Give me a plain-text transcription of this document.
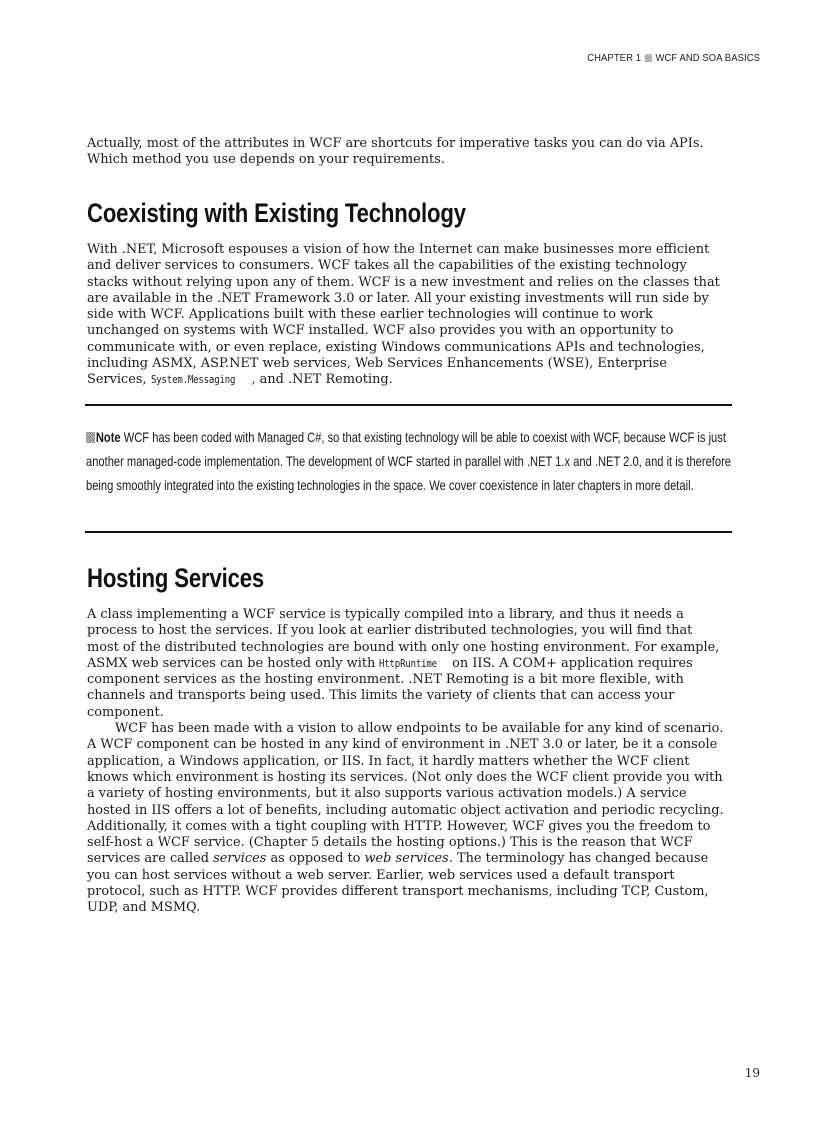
CHAPTER 1 WCF AND SOA BASICS

Actually, most of the attributes in WCF are shortcuts for imperative tasks you can do via APIs. Which method you use depends on your requirements.

Coexisting with Existing Technology

With .NET, Microsoft espouses a vision of how the Internet can make businesses more efficient and deliver services to consumers. WCF takes all the capabilities of the existing technology stacks without relying upon any of them. WCF is a new investment and relies on the classes that are available in the .NET Framework 3.0 or later. All your existing investments will run side by side with WCF. Applications built with these earlier technologies will continue to work unchanged on systems with WCF installed. WCF also provides you with an opportunity to communicate with, or even replace, existing Windows communications APIs and technologies, including ASMX, ASP.NET web services, Web Services Enhancements (WSE), Enterprise Services, System.Messaging , and .NET Remoting.

Note WCF has been coded with Managed C#, so that existing technology will be able to coexist with WCF, because WCF is just another managed-code implementation. The development of WCF started in parallel with .NET 1.x and .NET 2.0, and it is therefore being smoothly integrated into the existing technologies in the space. We cover coexistence in later chapters in more detail.
Hosting Services

A class implementing a WCF service is typically compiled into a library, and thus it needs a process to host the services. If you look at earlier distributed technologies, you will find that most of the distributed technologies are bound with only one hosting environment. For example, ASMX web services can be hosted only with HttpRuntime on IIS. A COM+ application requires component services as the hosting environment. .NET Remoting is a bit more flexible, with channels and transports being used. This limits the variety of clients that can access your component.

WCF has been made with a vision to allow endpoints to be available for any kind of scenario. A WCF component can be hosted in any kind of environment in .NET 3.0 or later, be it a console application, a Windows application, or IIS. In fact, it hardly matters whether the WCF client knows which environment is hosting its services. (Not only does the WCF client provide you with a variety of hosting environments, but it also supports various activation models.) A service hosted in IIS offers a lot of benefits, including automatic object activation and periodic recycling. Additionally, it comes with a tight coupling with HTTP. However, WCF gives you the freedom to self-host a WCF service. (Chapter 5 details the hosting options.) This is the reason that WCF services are called services as opposed to web services. The terminology has changed because you can host services without a web server. Earlier, web services used a default transport protocol, such as HTTP. WCF provides different transport mechanisms, including TCP, Custom, UDP, and MSMQ.

19
